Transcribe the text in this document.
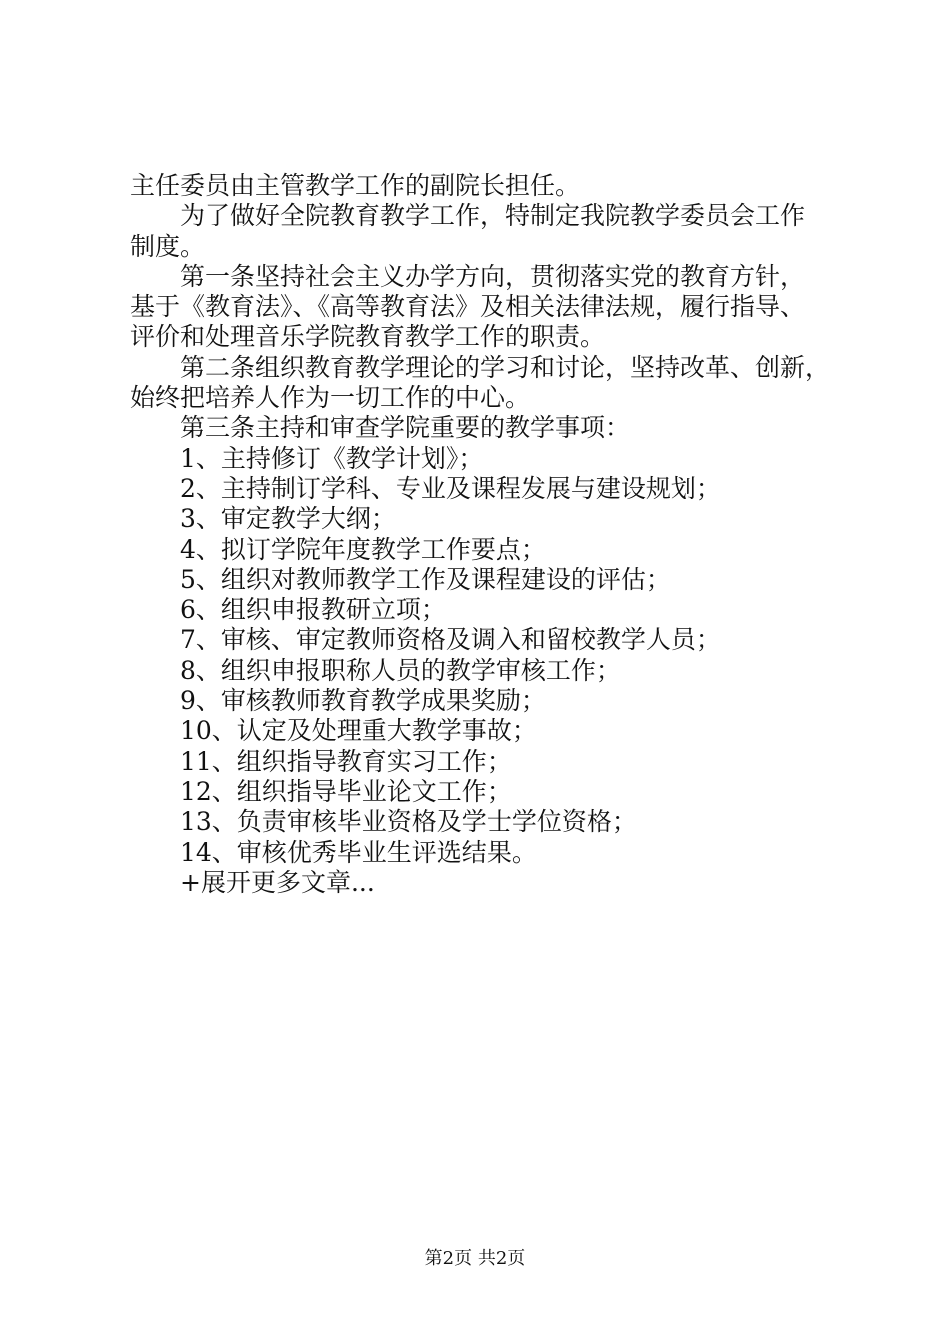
主任委员由主管教学工作的副院长担任。
为了做好全院教育教学工作，特制定我院教学委员会工作
制度。
第一条坚持社会主义办学方向，贯彻落实党的教育方针，
基于《教育法》、《高等教育法》及相关法律法规，履行指导、
评价和处理音乐学院教育教学工作的职责。
第二条组织教育教学理论的学习和讨论，坚持改革、创新，
始终把培养人作为一切工作的中心。
第三条主持和审查学院重要的教学事项：
1、主持修订《教学计划》；
2、主持制订学科、专业及课程发展与建设规划；
3、审定教学大纲；
4、拟订学院年度教学工作要点；
5、组织对教师教学工作及课程建设的评估；
6、组织申报教研立项；
7、审核、审定教师资格及调入和留校教学人员；
8、组织申报职称人员的教学审核工作；
9、审核教师教育教学成果奖励；
10、认定及处理重大教学事故；
11、组织指导教育实习工作；
12、组织指导毕业论文工作；
13、负责审核毕业资格及学士学位资格；
14、审核优秀毕业生评选结果。
+展开更多文章...
第2页 共2页
